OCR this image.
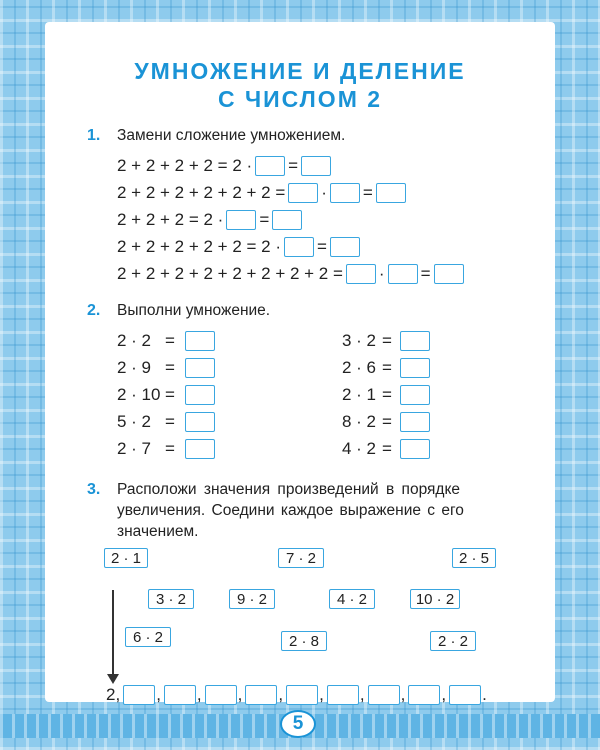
УМНОЖЕНИЕ И ДЕЛЕНИЕ
С ЧИСЛОМ 2
1. Замени сложение умножением.
2 + 2 + 2 + 2 = 2 · =
2 + 2 + 2 + 2 + 2 + 2 = · =
2 + 2 + 2 = 2 · =
2 + 2 + 2 + 2 + 2 = 2 · =
2 + 2 + 2 + 2 + 2 + 2 + 2 + 2 = · =
2. Выполни умножение.
2 · 2 =
2 · 9 =
2 · 10 =
5 · 2 =
2 · 7 =
3 · 2 =
2 · 6 =
2 · 1 =
8 · 2 =
4 · 2 =
3. Расположи значения произведений в порядке
увеличения. Соедини каждое выражение с его
значением.
2 · 1	7 · 2	2 · 5
3 · 2	9 · 2	4 · 2	10 · 2
6 · 2	2 · 8	2 · 2
2, , , , , , , , , .
5
